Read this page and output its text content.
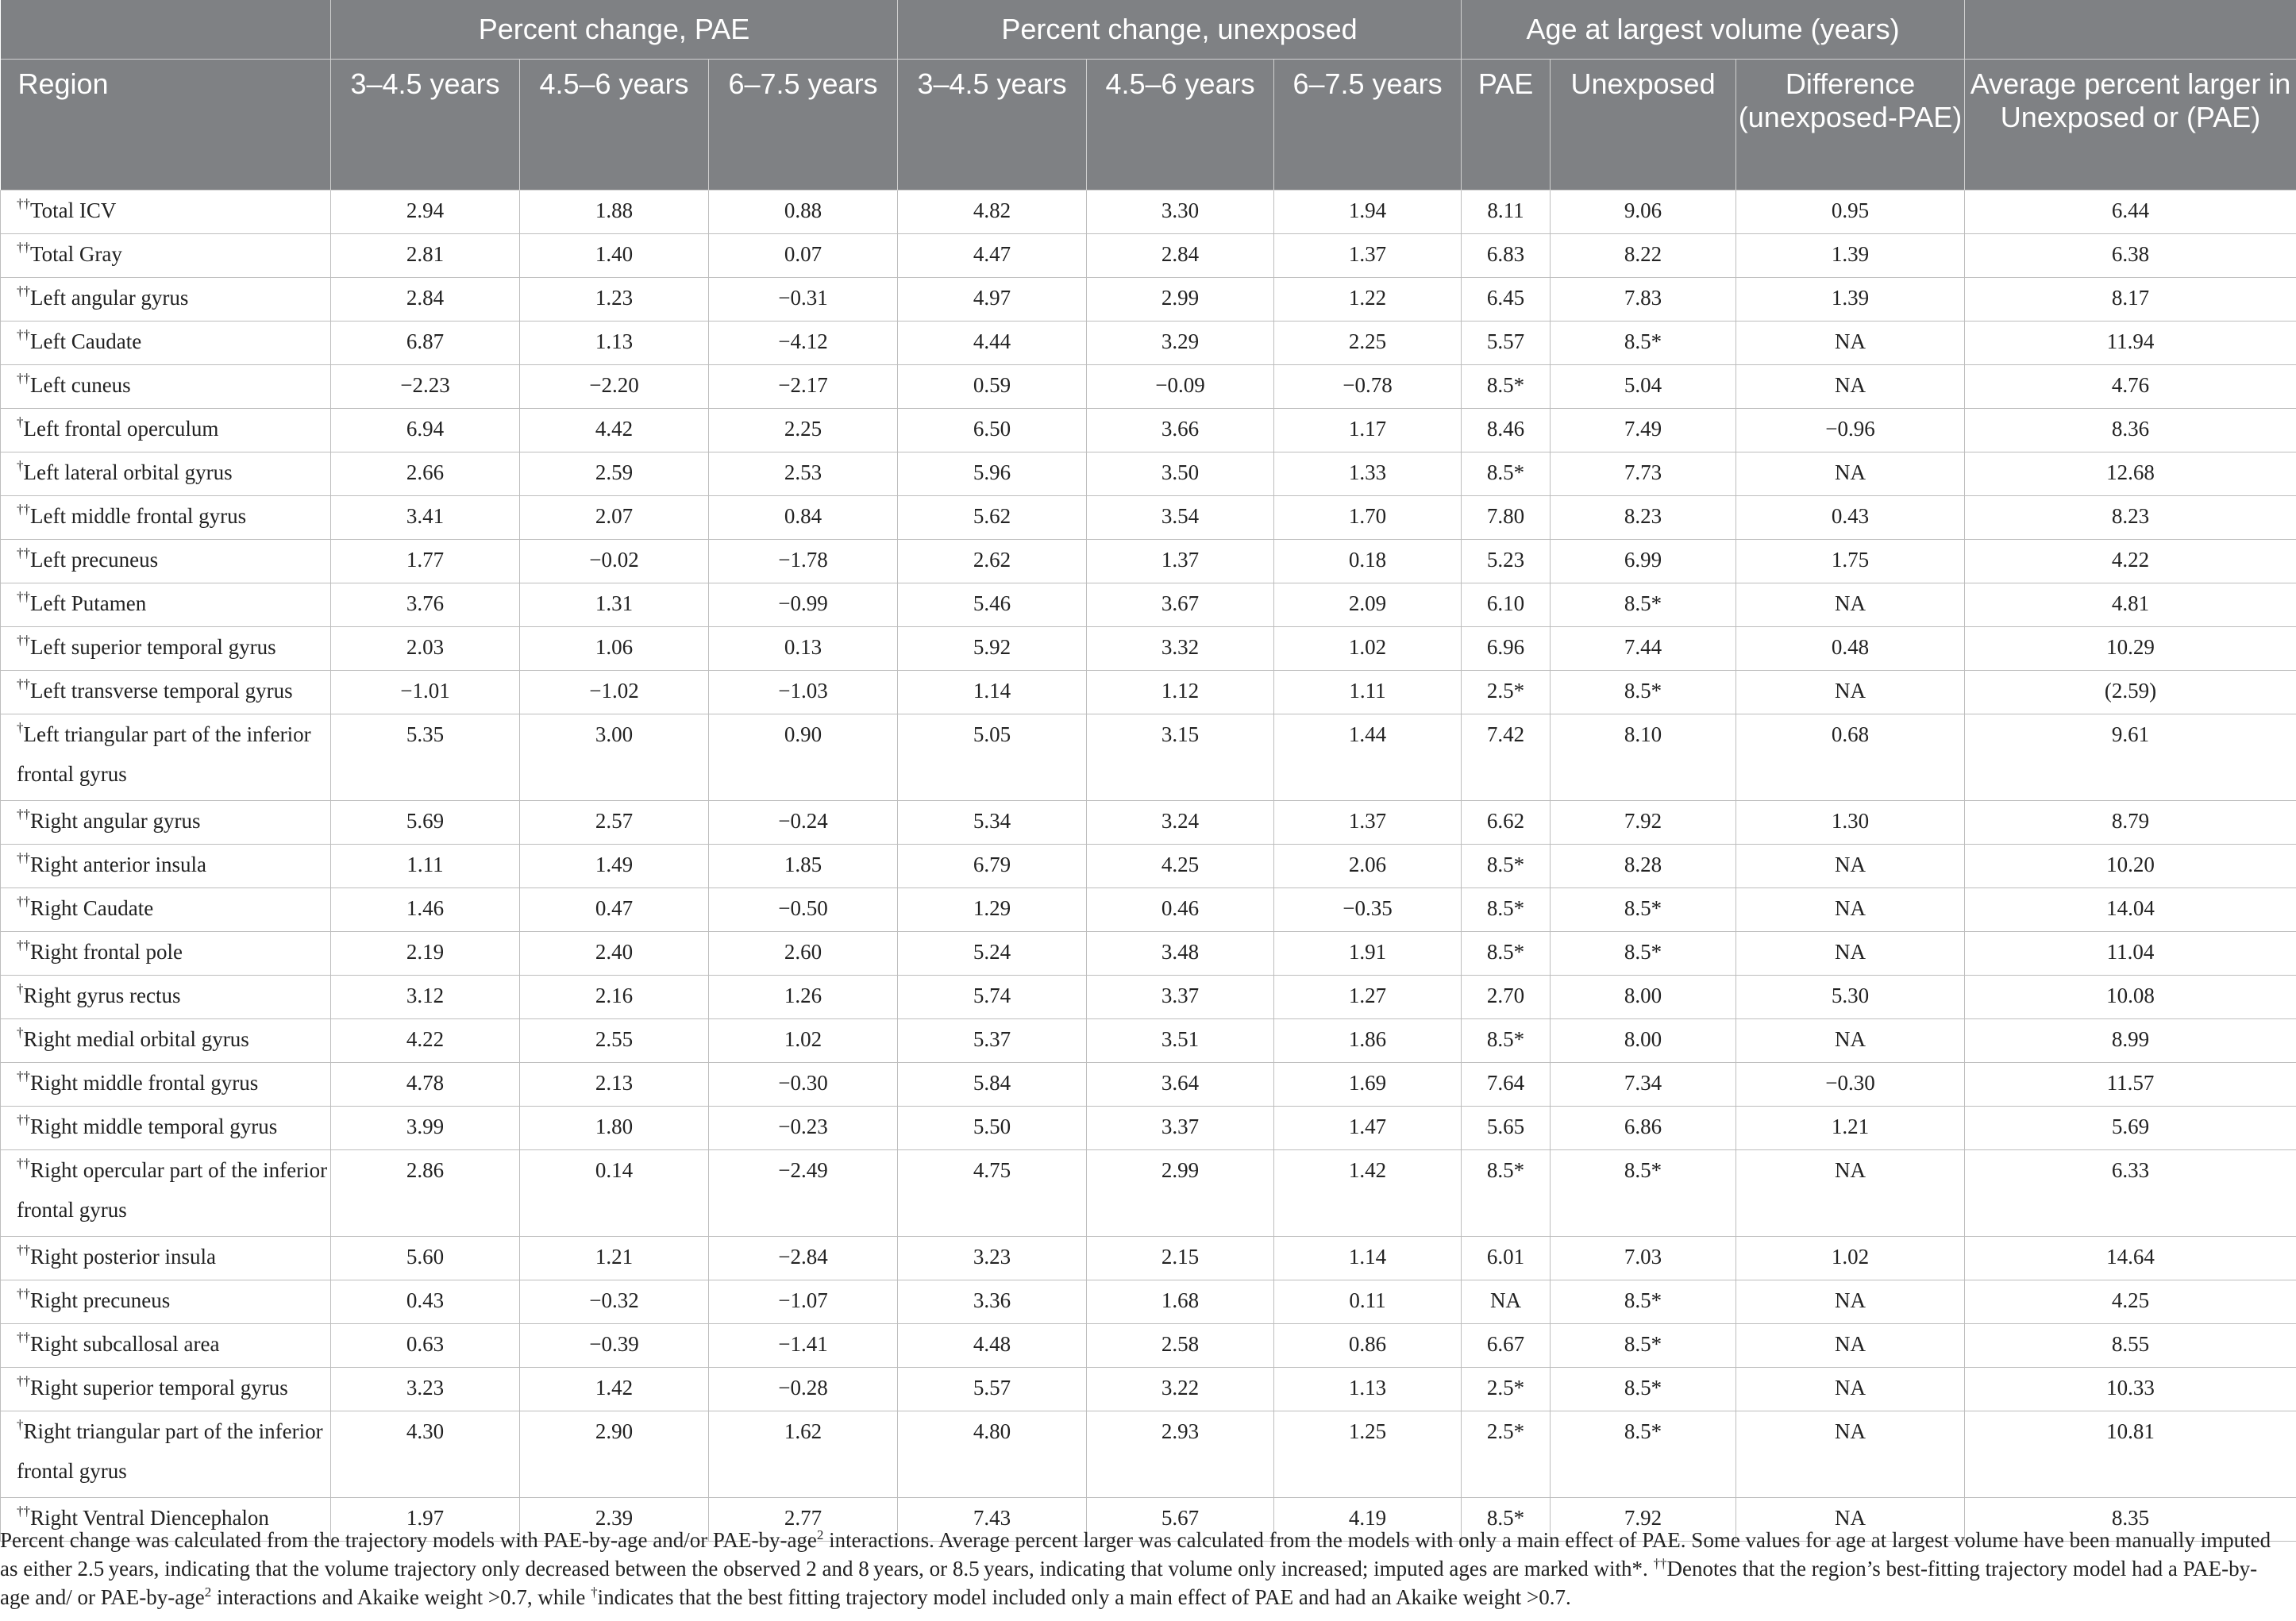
	Percent change, PAE			Percent change, unexposed			Age at largest volume (years)			
Region	3–4.5 years	4.5–6 years	6–7.5 years	3–4.5 years	4.5–6 years	6–7.5 years	PAE	Unexposed	Difference (unexposed-PAE)	Average percent larger in Unexposed or (PAE)
††Total ICV	2.94	1.88	0.88	4.82	3.30	1.94	8.11	9.06	0.95	6.44
††Total Gray	2.81	1.40	0.07	4.47	2.84	1.37	6.83	8.22	1.39	6.38
††Left angular gyrus	2.84	1.23	−0.31	4.97	2.99	1.22	6.45	7.83	1.39	8.17
††Left Caudate	6.87	1.13	−4.12	4.44	3.29	2.25	5.57	8.5*	NA	11.94
††Left cuneus	−2.23	−2.20	−2.17	0.59	−0.09	−0.78	8.5*	5.04	NA	4.76
†Left frontal operculum	6.94	4.42	2.25	6.50	3.66	1.17	8.46	7.49	−0.96	8.36
†Left lateral orbital gyrus	2.66	2.59	2.53	5.96	3.50	1.33	8.5*	7.73	NA	12.68
††Left middle frontal gyrus	3.41	2.07	0.84	5.62	3.54	1.70	7.80	8.23	0.43	8.23
††Left precuneus	1.77	−0.02	−1.78	2.62	1.37	0.18	5.23	6.99	1.75	4.22
††Left Putamen	3.76	1.31	−0.99	5.46	3.67	2.09	6.10	8.5*	NA	4.81
††Left superior temporal gyrus	2.03	1.06	0.13	5.92	3.32	1.02	6.96	7.44	0.48	10.29
††Left transverse temporal gyrus	−1.01	−1.02	−1.03	1.14	1.12	1.11	2.5*	8.5*	NA	(2.59)
†Left triangular part of the inferior frontal gyrus	5.35	3.00	0.90	5.05	3.15	1.44	7.42	8.10	0.68	9.61
††Right angular gyrus	5.69	2.57	−0.24	5.34	3.24	1.37	6.62	7.92	1.30	8.79
††Right anterior insula	1.11	1.49	1.85	6.79	4.25	2.06	8.5*	8.28	NA	10.20
††Right Caudate	1.46	0.47	−0.50	1.29	0.46	−0.35	8.5*	8.5*	NA	14.04
††Right frontal pole	2.19	2.40	2.60	5.24	3.48	1.91	8.5*	8.5*	NA	11.04
†Right gyrus rectus	3.12	2.16	1.26	5.74	3.37	1.27	2.70	8.00	5.30	10.08
†Right medial orbital gyrus	4.22	2.55	1.02	5.37	3.51	1.86	8.5*	8.00	NA	8.99
††Right middle frontal gyrus	4.78	2.13	−0.30	5.84	3.64	1.69	7.64	7.34	−0.30	11.57
††Right middle temporal gyrus	3.99	1.80	−0.23	5.50	3.37	1.47	5.65	6.86	1.21	5.69
††Right opercular part of the inferior frontal gyrus	2.86	0.14	−2.49	4.75	2.99	1.42	8.5*	8.5*	NA	6.33
††Right posterior insula	5.60	1.21	−2.84	3.23	2.15	1.14	6.01	7.03	1.02	14.64
††Right precuneus	0.43	−0.32	−1.07	3.36	1.68	0.11	NA	8.5*	NA	4.25
††Right subcallosal area	0.63	−0.39	−1.41	4.48	2.58	0.86	6.67	8.5*	NA	8.55
††Right superior temporal gyrus	3.23	1.42	−0.28	5.57	3.22	1.13	2.5*	8.5*	NA	10.33
†Right triangular part of the inferior frontal gyrus	4.30	2.90	1.62	4.80	2.93	1.25	2.5*	8.5*	NA	10.81
††Right Ventral Diencephalon	1.97	2.39	2.77	7.43	5.67	4.19	8.5*	7.92	NA	8.35
Percent change was calculated from the trajectory models with PAE-by-age and/or PAE-by-age$^2$ interactions. Average percent larger was calculated from the models with only a main effect of PAE. Some values for age at largest volume have been manually imputed as either 2.5 years, indicating that the volume trajectory only decreased between the observed 2 and 8 years, or 8.5 years, indicating that volume only increased; imputed ages are marked with*. ††Denotes that the region’s best-fitting trajectory model had a PAE-by-age and/ or PAE-by-age$^2$ interactions and Akaike weight >0.7, while †indicates that the best fitting trajectory model included only a main effect of PAE and had an Akaike weight >0.7.
